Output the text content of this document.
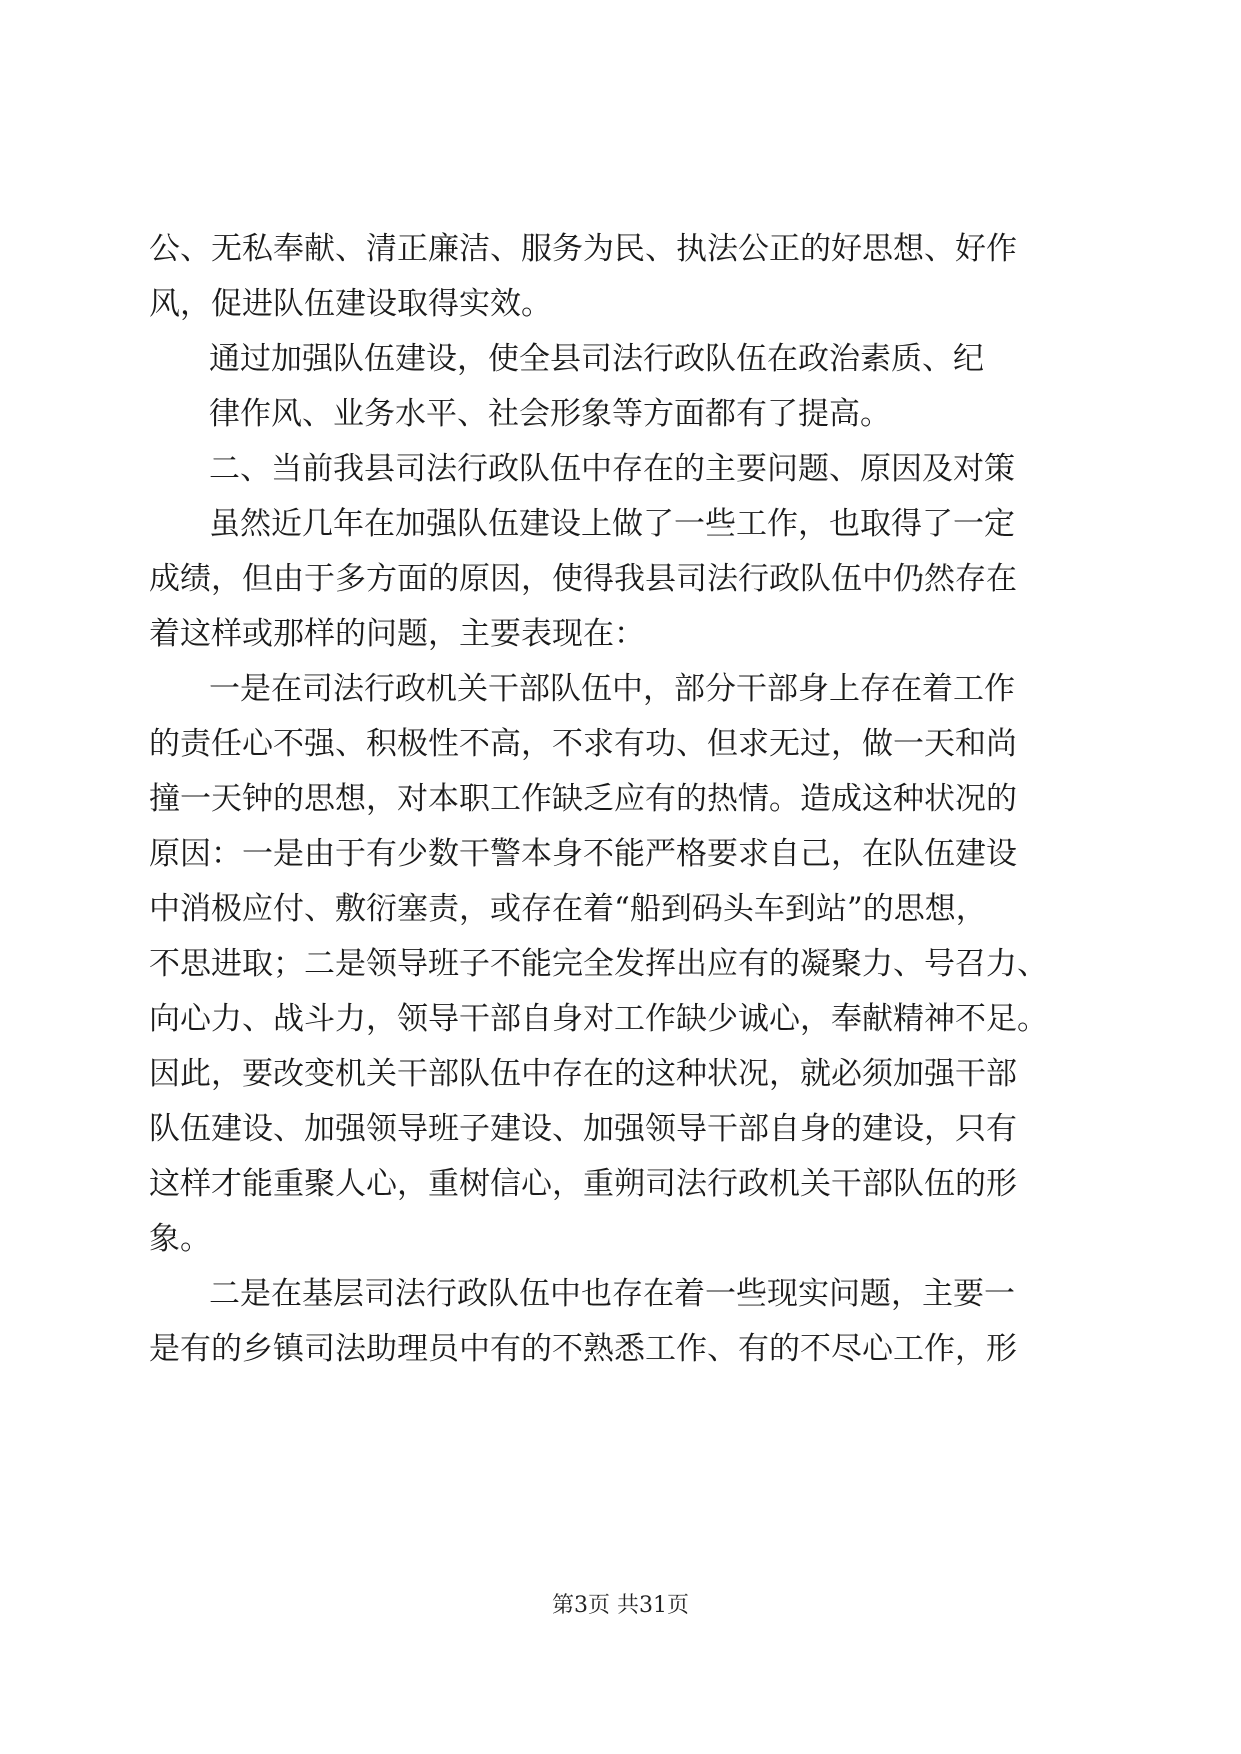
公、无私奉献、清正廉洁、服务为民、执法公正的好思想、好作
风，促进队伍建设取得实效。
通过加强队伍建设，使全县司法行政队伍在政治素质、纪
律作风、业务水平、社会形象等方面都有了提高。
二、当前我县司法行政队伍中存在的主要问题、原因及对策
虽然近几年在加强队伍建设上做了一些工作，也取得了一定
成绩，但由于多方面的原因，使得我县司法行政队伍中仍然存在
着这样或那样的问题，主要表现在：
一是在司法行政机关干部队伍中，部分干部身上存在着工作
的责任心不强、积极性不高，不求有功、但求无过，做一天和尚
撞一天钟的思想，对本职工作缺乏应有的热情。造成这种状况的
原因：一是由于有少数干警本身不能严格要求自己，在队伍建设
中消极应付、敷衍塞责，或存在着“船到码头车到站”的思想，
不思进取；二是领导班子不能完全发挥出应有的凝聚力、号召力、
向心力、战斗力，领导干部自身对工作缺少诚心，奉献精神不足。
因此，要改变机关干部队伍中存在的这种状况，就必须加强干部
队伍建设、加强领导班子建设、加强领导干部自身的建设，只有
这样才能重聚人心，重树信心，重朔司法行政机关干部队伍的形
象。
二是在基层司法行政队伍中也存在着一些现实问题，主要一
是有的乡镇司法助理员中有的不熟悉工作、有的不尽心工作，形
第3页 共31页
